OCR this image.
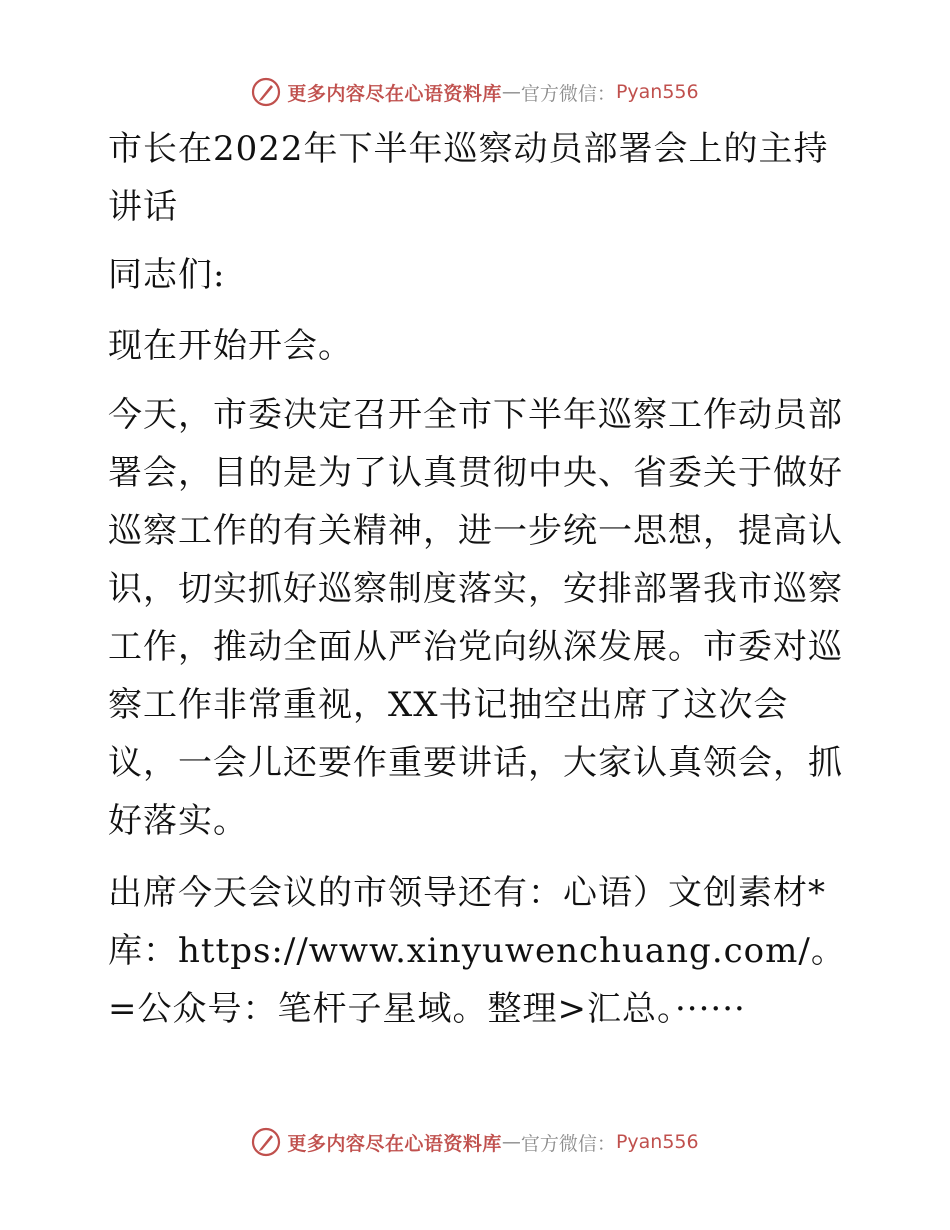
更多内容尽在心语资料库 — 官方微信： Pyan556

市长在2022年下半年巡察动员部署会上的主持讲话

同志们:

现在开始开会。

今天，市委决定召开全市下半年巡察工作动员部署会，目的是为了认真贯彻中央、省委关于做好巡察工作的有关精神，进一步统一思想，提高认识，切实抓好巡察制度落实，安排部署我市巡察工作，推动全面从严治党向纵深发展。市委对巡察工作非常重视，XX书记抽空出席了这次会议，一会儿还要作重要讲话，大家认真领会，抓好落实。

出席今天会议的市领导还有：心语）文创素材*库：https://www.xinyuwenchuang.com/。=公众号：笔杆子星域。整理>汇总。······

更多内容尽在心语资料库 — 官方微信： Pyan556
